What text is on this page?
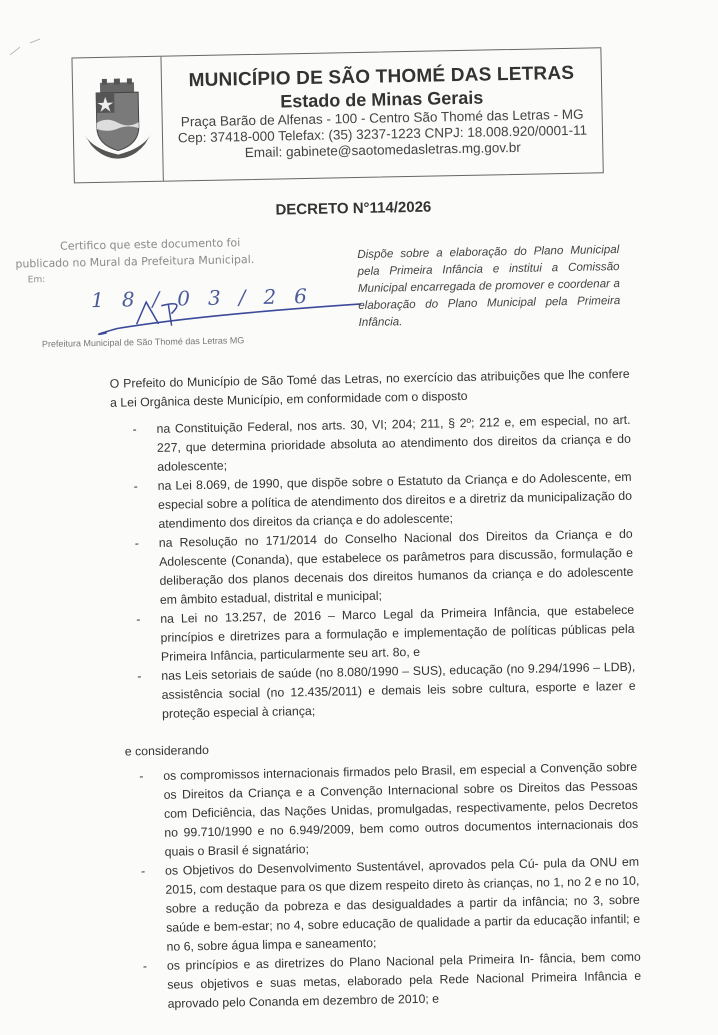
MUNICÍPIO DE SÃO THOMÉ DAS LETRAS
Estado de Minas Gerais
Praça Barão de Alfenas - 100 - Centro São Thomé das Letras - MG
Cep: 37418-000 Telefax: (35) 3237-1223 CNPJ: 18.008.920/0001-11
Email: gabinete@saotomedasletras.mg.gov.br
DECRETO N°114/2026
Certifico que este documento foi
publicado no Mural da Prefeitura Municipal.
Em:
18/03/26
Prefeitura Municipal de São Thomé das Letras MG
Dispõe sobre a elaboração do Plano Municipal pela Primeira Infância e institui a Comissão Municipal encarregada de promover e coordenar a elaboração do Plano Municipal pela Primeira Infância.

O Prefeito do Município de São Tomé das Letras, no exercício das atribuições que lhe confere a Lei Orgânica deste Município, em conformidade com o disposto

- na Constituição Federal, nos arts. 30, VI; 204; 211, § 2º; 212 e, em especial, no art. 227, que determina prioridade absoluta ao atendimento dos direitos da criança e do adolescente;
- na Lei 8.069, de 1990, que dispõe sobre o Estatuto da Criança e do Adolescente, em especial sobre a política de atendimento dos direitos e a diretriz da municipalização do atendimento dos direitos da criança e do adolescente;
- na Resolução no 171/2014 do Conselho Nacional dos Direitos da Criança e do Adolescente (Conanda), que estabelece os parâmetros para discussão, formulação e deliberação dos planos decenais dos direitos humanos da criança e do adolescente em âmbito estadual, distrital e municipal;
- na Lei no 13.257, de 2016 – Marco Legal da Primeira Infância, que estabelece princípios e diretrizes para a formulação e implementação de políticas públicas pela Primeira Infância, particularmente seu art. 8o, e
- nas Leis setoriais de saúde (no 8.080/1990 – SUS), educação (no 9.294/1996 – LDB), assistência social (no 12.435/2011) e demais leis sobre cultura, esporte e lazer e proteção especial à criança;

e considerando

- os compromissos internacionais firmados pelo Brasil, em especial a Convenção sobre os Direitos da Criança e a Convenção Internacional sobre os Direitos das Pessoas com Deficiência, das Nações Unidas, promulgadas, respectivamente, pelos Decretos no 99.710/1990 e no 6.949/2009, bem como outros documentos internacionais dos quais o Brasil é signatário;
- os Objetivos do Desenvolvimento Sustentável, aprovados pela Cú- pula da ONU em 2015, com destaque para os que dizem respeito direto às crianças, no 1, no 2 e no 10, sobre a redução da pobreza e das desigualdades a partir da infância; no 3, sobre saúde e bem-estar; no 4, sobre educação de qualidade a partir da educação infantil; e no 6, sobre água limpa e saneamento;
- os princípios e as diretrizes do Plano Nacional pela Primeira In- fância, bem como seus objetivos e suas metas, elaborado pela Rede Nacional Primeira Infância e aprovado pelo Conanda em dezembro de 2010; e
